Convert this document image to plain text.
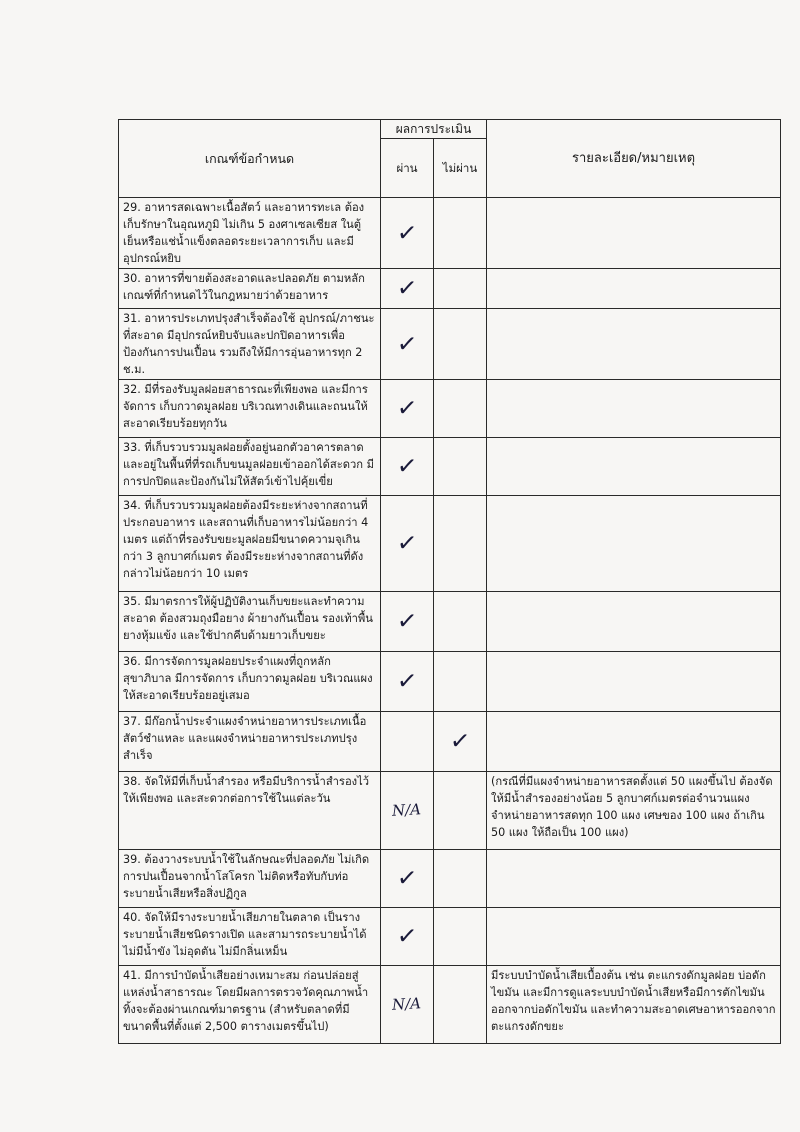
เกณฑ์ข้อกำหนด	ผลการประเมิน		รายละเอียด/หมายเหตุ
	ผ่าน	ไม่ผ่าน	
29. อาหารสดเฉพาะเนื้อสัตว์ และอาหารทะเล ต้องเก็บรักษาในอุณหภูมิ ไม่เกิน 5 องศาเซลเซียส ในตู้เย็นหรือแช่น้ำแข็งตลอดระยะเวลาการเก็บ และมีอุปกรณ์หยิบ	✓		
30. อาหารที่ขายต้องสะอาดและปลอดภัย ตามหลักเกณฑ์ที่กำหนดไว้ในกฎหมายว่าด้วยอาหาร	✓		
31. อาหารประเภทปรุงสำเร็จต้องใช้ อุปกรณ์/ภาชนะที่สะอาด มีอุปกรณ์หยิบจับและปกปิดอาหารเพื่อป้องกันการปนเปื้อน รวมถึงให้มีการอุ่นอาหารทุก 2 ช.ม.	✓		
32. มีที่รองรับมูลฝอยสาธารณะที่เพียงพอ และมีการจัดการ เก็บกวาดมูลฝอย บริเวณทางเดินและถนนให้สะอาดเรียบร้อยทุกวัน	✓		
33. ที่เก็บรวบรวมมูลฝอยตั้งอยู่นอกตัวอาคารตลาดและอยู่ในพื้นที่ที่รถเก็บขนมูลฝอยเข้าออกได้สะดวก มีการปกปิดและป้องกันไม่ให้สัตว์เข้าไปคุ้ยเขี่ย	✓		
34. ที่เก็บรวบรวมมูลฝอยต้องมีระยะห่างจากสถานที่ประกอบอาหาร และสถานที่เก็บอาหารไม่น้อยกว่า 4 เมตร แต่ถ้าที่รองรับขยะมูลฝอยมีขนาดความจุเกินกว่า 3 ลูกบาศก์เมตร ต้องมีระยะห่างจากสถานที่ดังกล่าวไม่น้อยกว่า 10 เมตร	✓		
35. มีมาตรการให้ผู้ปฏิบัติงานเก็บขยะและทำความสะอาด ต้องสวมถุงมือยาง ผ้ายางกันเปื้อน รองเท้าพื้นยางหุ้มแข้ง และใช้ปากคีบด้ามยาวเก็บขยะ	✓		
36. มีการจัดการมูลฝอยประจำแผงที่ถูกหลักสุขาภิบาล มีการจัดการ เก็บกวาดมูลฝอย บริเวณแผง ให้สะอาดเรียบร้อยอยู่เสมอ	✓		
37. มีก๊อกน้ำประจำแผงจำหน่ายอาหารประเภทเนื้อสัตว์ชำแหละ และแผงจำหน่ายอาหารประเภทปรุงสำเร็จ		✓	
38. จัดให้มีที่เก็บน้ำสำรอง หรือมีบริการน้ำสำรองไว้ให้เพียงพอ และสะดวกต่อการใช้ในแต่ละวัน	N/A		(กรณีที่มีแผงจำหน่ายอาหารสดตั้งแต่ 50 แผงขึ้นไป ต้องจัดให้มีน้ำสำรองอย่างน้อย 5 ลูกบาศก์เมตรต่อจำนวนแผงจำหน่ายอาหารสดทุก 100 แผง เศษของ 100 แผง ถ้าเกิน 50 แผง ให้ถือเป็น 100 แผง)
39. ต้องวางระบบน้ำใช้ในลักษณะที่ปลอดภัย ไม่เกิดการปนเปื้อนจากน้ำโสโครก ไม่ติดหรือทับกับท่อระบายน้ำเสียหรือสิ่งปฏิกูล	✓		
40. จัดให้มีรางระบายน้ำเสียภายในตลาด เป็นรางระบายน้ำเสียชนิดรางเปิด และสามารถระบายน้ำได้ไม่มีน้ำขัง ไม่อุดตัน ไม่มีกลิ่นเหม็น	✓		
41. มีการบำบัดน้ำเสียอย่างเหมาะสม ก่อนปล่อยสู่แหล่งน้ำสาธารณะ โดยมีผลการตรวจวัดคุณภาพน้ำทิ้งจะต้องผ่านเกณฑ์มาตรฐาน (สำหรับตลาดที่มีขนาดพื้นที่ตั้งแต่ 2,500 ตารางเมตรขึ้นไป)	N/A		มีระบบบำบัดน้ำเสียเบื้องต้น เช่น ตะแกรงดักมูลฝอย บ่อดักไขมัน และมีการดูแลระบบบำบัดน้ำเสียหรือมีการตักไขมันออกจากบ่อดักไขมัน และทำความสะอาดเศษอาหารออกจากตะแกรงดักขยะ
